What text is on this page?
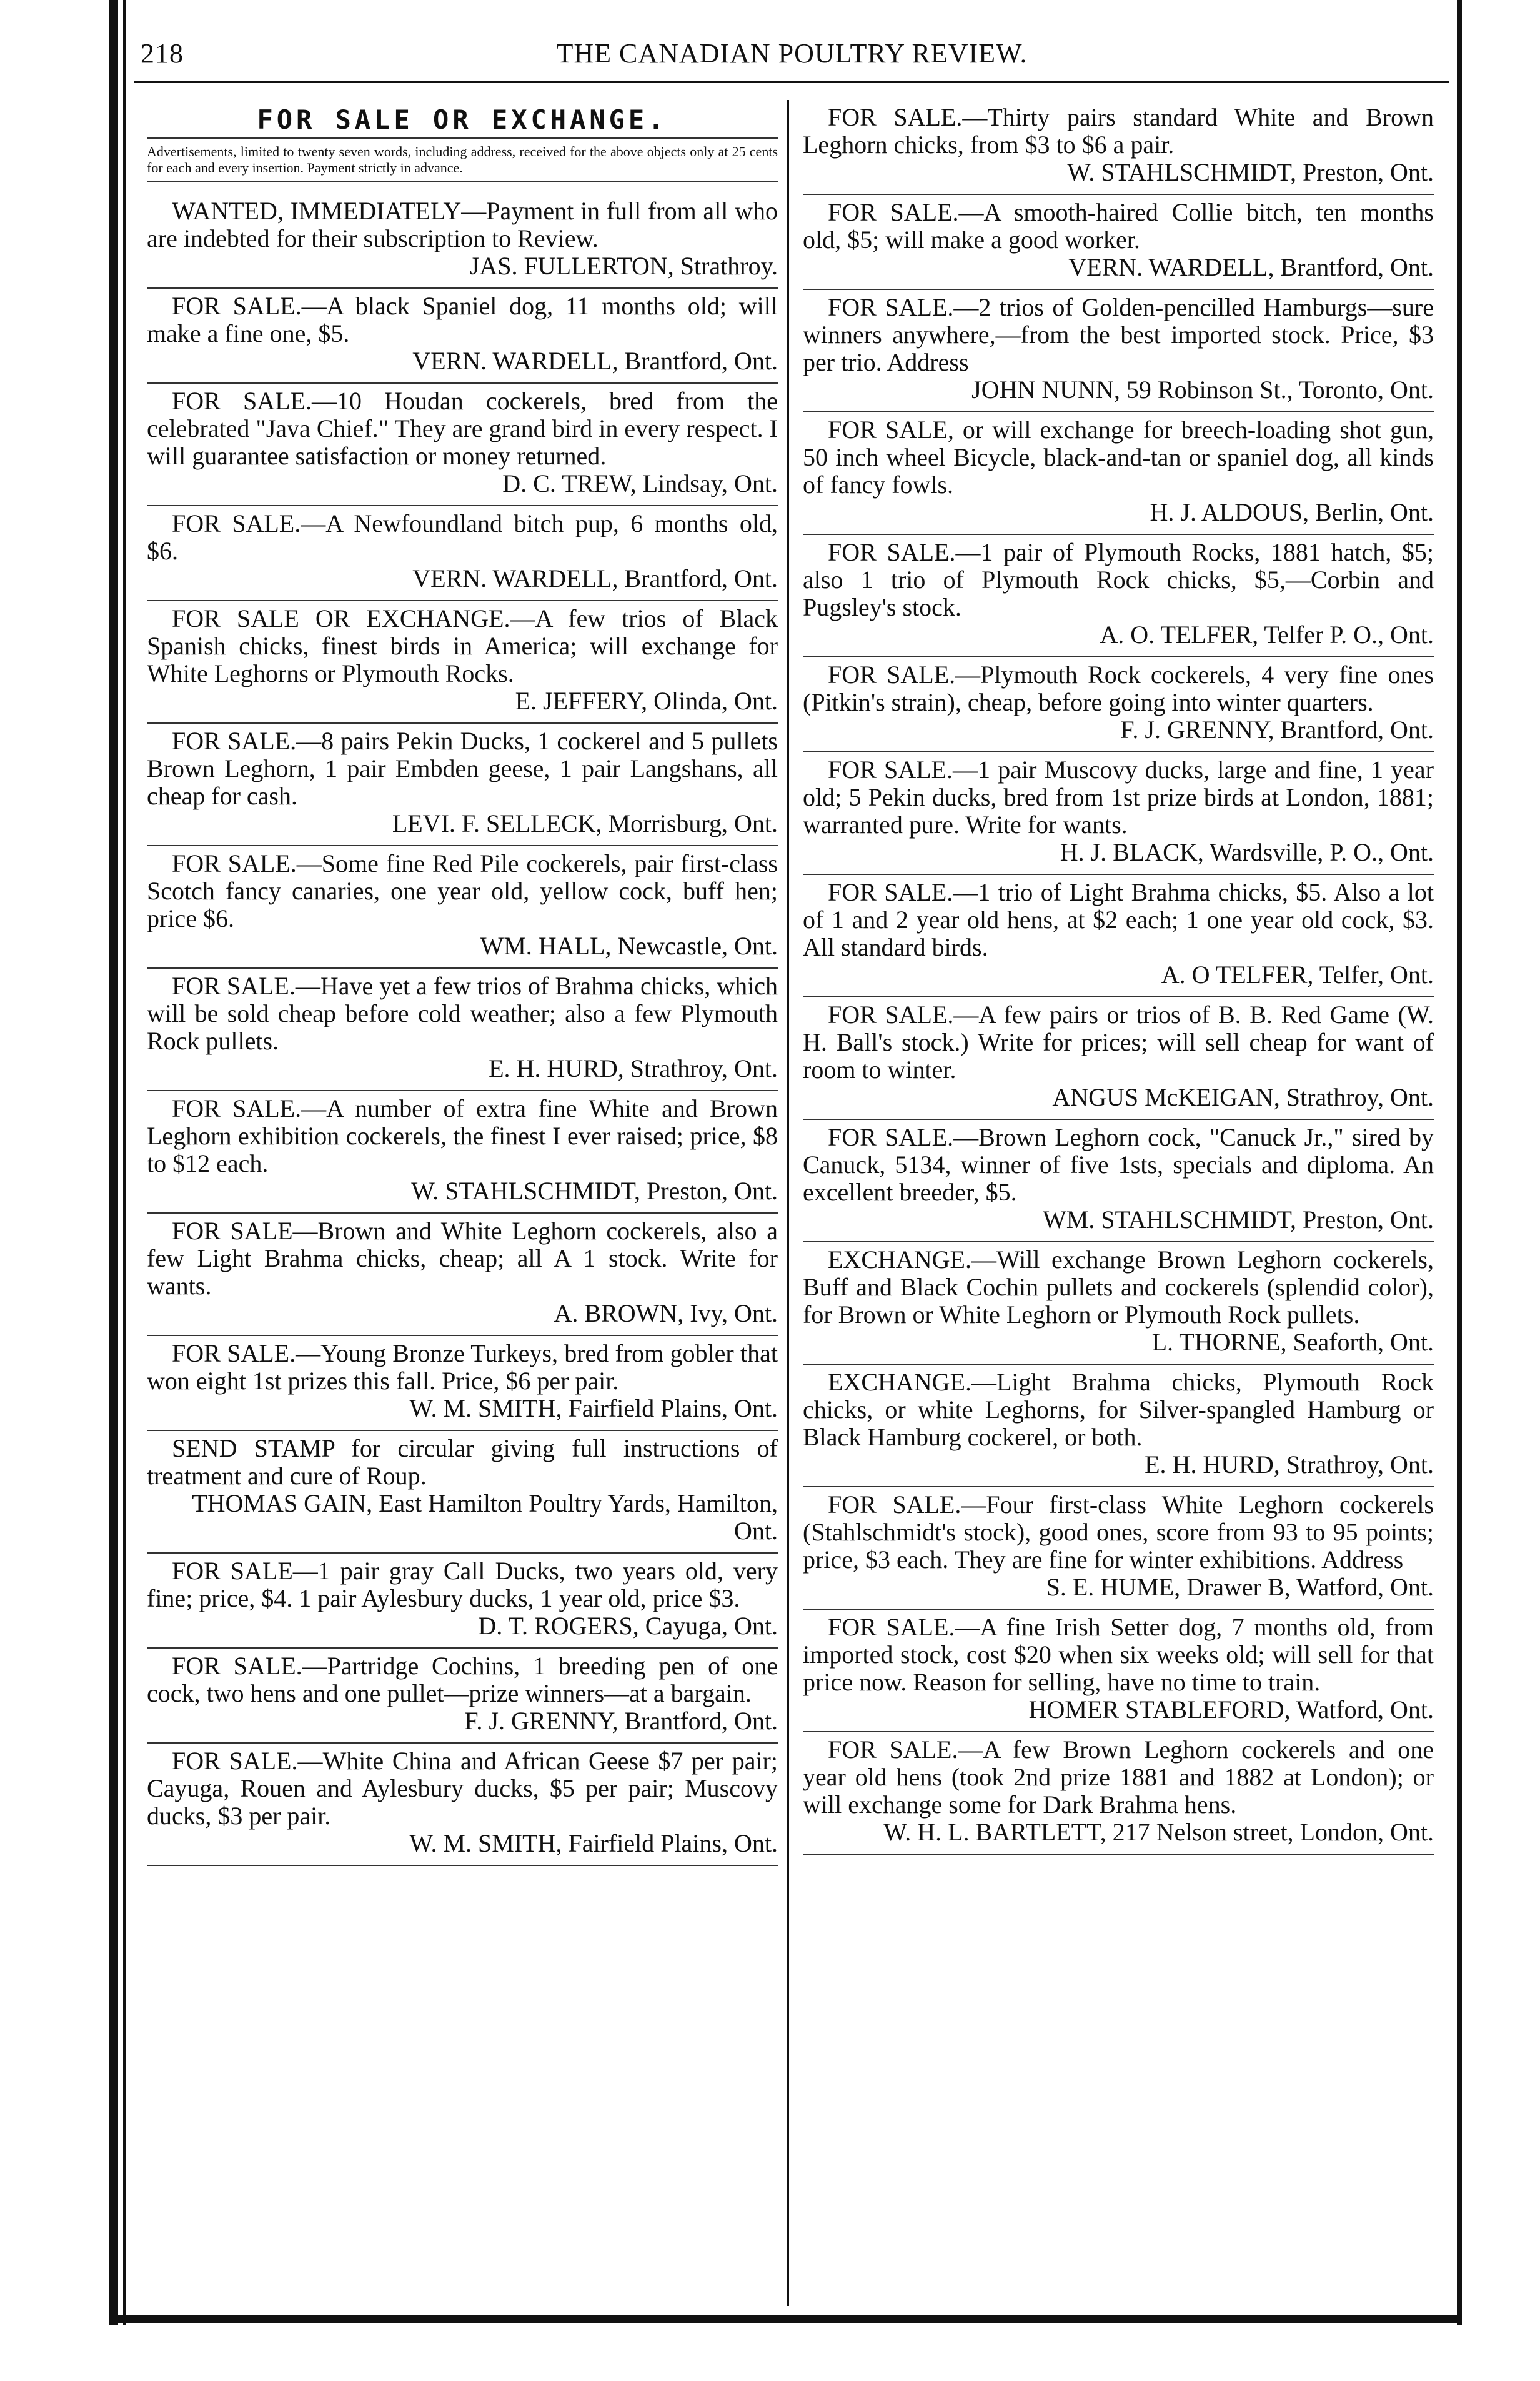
218	THE CANADIAN POULTRY REVIEW.
FOR SALE OR EXCHANGE.
Advertisements, limited to twenty seven words, including address, received for the above objects only at 25 cents for each and every insertion. Payment strictly in advance.
WANTED, IMMEDIATELY—Payment in full from all who are indebted for their subscription to Review.
JAS. FULLERTON, Strathroy.
FOR SALE.—A black Spaniel dog, 11 months old; will make a fine one, $5.
VERN. WARDELL, Brantford, Ont.
FOR SALE.—10 Houdan cockerels, bred from the celebrated "Java Chief." They are grand bird in every respect. I will guarantee satisfaction or money returned.
D. C. TREW, Lindsay, Ont.
FOR SALE.—A Newfoundland bitch pup, 6 months old, $6.
VERN. WARDELL, Brantford, Ont.
FOR SALE OR EXCHANGE.—A few trios of Black Spanish chicks, finest birds in America; will exchange for White Leghorns or Plymouth Rocks.
E. JEFFERY, Olinda, Ont.
FOR SALE.—8 pairs Pekin Ducks, 1 cockerel and 5 pullets Brown Leghorn, 1 pair Embden geese, 1 pair Langshans, all cheap for cash.
LEVI. F. SELLECK, Morrisburg, Ont.
FOR SALE.—Some fine Red Pile cockerels, pair first-class Scotch fancy canaries, one year old, yellow cock, buff hen; price $6.
WM. HALL, Newcastle, Ont.
FOR SALE.—Have yet a few trios of Brahma chicks, which will be sold cheap before cold weather; also a few Plymouth Rock pullets.
E. H. HURD, Strathroy, Ont.
FOR SALE.—A number of extra fine White and Brown Leghorn exhibition cockerels, the finest I ever raised; price, $8 to $12 each.
W. STAHLSCHMIDT, Preston, Ont.
FOR SALE—Brown and White Leghorn cockerels, also a few Light Brahma chicks, cheap; all A 1 stock. Write for wants.
A. BROWN, Ivy, Ont.
FOR SALE.—Young Bronze Turkeys, bred from gobler that won eight 1st prizes this fall. Price, $6 per pair.
W. M. SMITH, Fairfield Plains, Ont.
SEND STAMP for circular giving full instructions of treatment and cure of Roup.
THOMAS GAIN, East Hamilton Poultry Yards, Hamilton, Ont.
FOR SALE—1 pair gray Call Ducks, two years old, very fine; price, $4. 1 pair Aylesbury ducks, 1 year old, price $3.
D. T. ROGERS, Cayuga, Ont.
FOR SALE.—Partridge Cochins, 1 breeding pen of one cock, two hens and one pullet—prize winners—at a bargain.
F. J. GRENNY, Brantford, Ont.
FOR SALE.—White China and African Geese $7 per pair; Cayuga, Rouen and Aylesbury ducks, $5 per pair; Muscovy ducks, $3 per pair.
W. M. SMITH, Fairfield Plains, Ont.
FOR SALE.—Thirty pairs standard White and Brown Leghorn chicks, from $3 to $6 a pair.
W. STAHLSCHMIDT, Preston, Ont.
FOR SALE.—A smooth-haired Collie bitch, ten months old, $5; will make a good worker.
VERN. WARDELL, Brantford, Ont.
FOR SALE.—2 trios of Golden-pencilled Hamburgs—sure winners anywhere,—from the best imported stock. Price, $3 per trio. Address
JOHN NUNN, 59 Robinson St., Toronto, Ont.
FOR SALE, or will exchange for breech-loading shot gun, 50 inch wheel Bicycle, black-and-tan or spaniel dog, all kinds of fancy fowls.
H. J. ALDOUS, Berlin, Ont.
FOR SALE.—1 pair of Plymouth Rocks, 1881 hatch, $5; also 1 trio of Plymouth Rock chicks, $5,—Corbin and Pugsley's stock.
A. O. TELFER, Telfer P. O., Ont.
FOR SALE.—Plymouth Rock cockerels, 4 very fine ones (Pitkin's strain), cheap, before going into winter quarters.
F. J. GRENNY, Brantford, Ont.
FOR SALE.—1 pair Muscovy ducks, large and fine, 1 year old; 5 Pekin ducks, bred from 1st prize birds at London, 1881; warranted pure. Write for wants.
H. J. BLACK, Wardsville, P. O., Ont.
FOR SALE.—1 trio of Light Brahma chicks, $5. Also a lot of 1 and 2 year old hens, at $2 each; 1 one year old cock, $3. All standard birds.
A. O TELFER, Telfer, Ont.
FOR SALE.—A few pairs or trios of B. B. Red Game (W. H. Ball's stock.) Write for prices; will sell cheap for want of room to winter.
ANGUS McKEIGAN, Strathroy, Ont.
FOR SALE.—Brown Leghorn cock, "Canuck Jr.," sired by Canuck, 5134, winner of five 1sts, specials and diploma. An excellent breeder, $5.
WM. STAHLSCHMIDT, Preston, Ont.
EXCHANGE.—Will exchange Brown Leghorn cockerels, Buff and Black Cochin pullets and cockerels (splendid color), for Brown or White Leghorn or Plymouth Rock pullets.
L. THORNE, Seaforth, Ont.
EXCHANGE.—Light Brahma chicks, Plymouth Rock chicks, or white Leghorns, for Silver-spangled Hamburg or Black Hamburg cockerel, or both.
E. H. HURD, Strathroy, Ont.
FOR SALE.—Four first-class White Leghorn cockerels (Stahlschmidt's stock), good ones, score from 93 to 95 points; price, $3 each. They are fine for winter exhibitions. Address
S. E. HUME, Drawer B, Watford, Ont.
FOR SALE.—A fine Irish Setter dog, 7 months old, from imported stock, cost $20 when six weeks old; will sell for that price now. Reason for selling, have no time to train.
HOMER STABLEFORD, Watford, Ont.
FOR SALE.—A few Brown Leghorn cockerels and one year old hens (took 2nd prize 1881 and 1882 at London); or will exchange some for Dark Brahma hens.
W. H. L. BARTLETT, 217 Nelson street, London, Ont.
